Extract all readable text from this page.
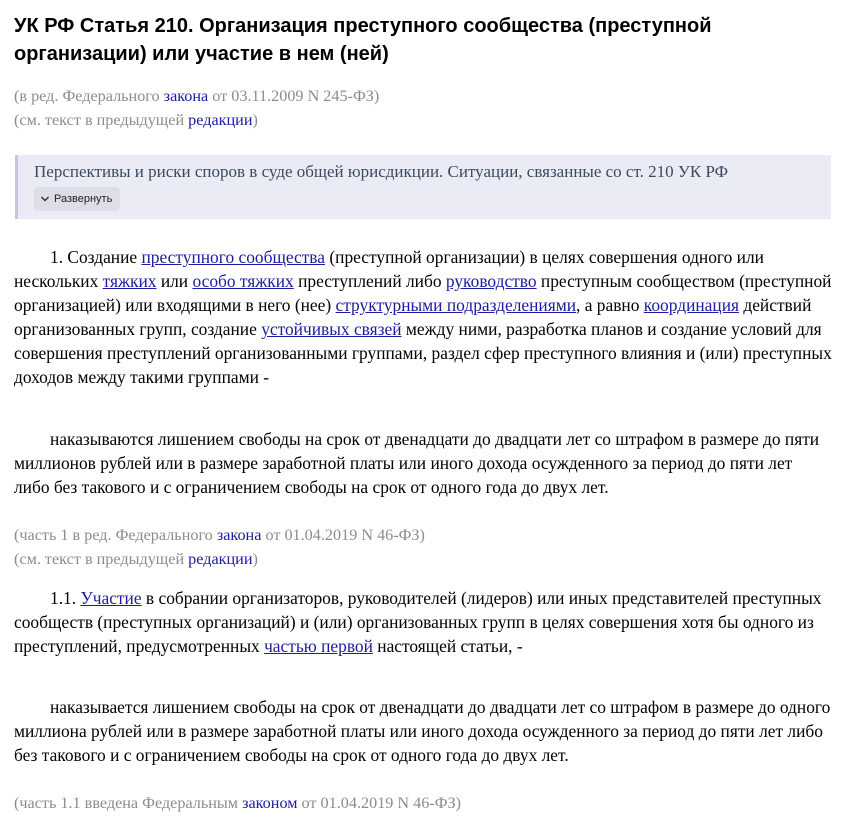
УК РФ Статья 210. Организация преступного сообщества (преступной организации) или участие в нем (ней)
(в ред. Федерального закона от 03.11.2009 N 245-ФЗ)
(см. текст в предыдущей редакции)
Перспективы и риски споров в суде общей юрисдикции. Ситуации, связанные со ст. 210 УК РФ
Развернуть

1. Создание преступного сообщества (преступной организации) в целях совершения одного или нескольких тяжких или особо тяжких преступлений либо руководство преступным сообществом (преступной организацией) или входящими в него (нее) структурными подразделениями, а равно координация действий организованных групп, создание устойчивых связей между ними, разработка планов и создание условий для совершения преступлений организованными группами, раздел сфер преступного влияния и (или) преступных доходов между такими группами -

наказываются лишением свободы на срок от двенадцати до двадцати лет со штрафом в размере до пяти миллионов рублей или в размере заработной платы или иного дохода осужденного за период до пяти лет либо без такового и с ограничением свободы на срок от одного года до двух лет.

(часть 1 в ред. Федерального закона от 01.04.2019 N 46-ФЗ)
(см. текст в предыдущей редакции)

1.1. Участие в собрании организаторов, руководителей (лидеров) или иных представителей преступных сообществ (преступных организаций) и (или) организованных групп в целях совершения хотя бы одного из преступлений, предусмотренных частью первой настоящей статьи, -

наказывается лишением свободы на срок от двенадцати до двадцати лет со штрафом в размере до одного миллиона рублей или в размере заработной платы или иного дохода осужденного за период до пяти лет либо без такового и с ограничением свободы на срок от одного года до двух лет.

(часть 1.1 введена Федеральным законом от 01.04.2019 N 46-ФЗ)
